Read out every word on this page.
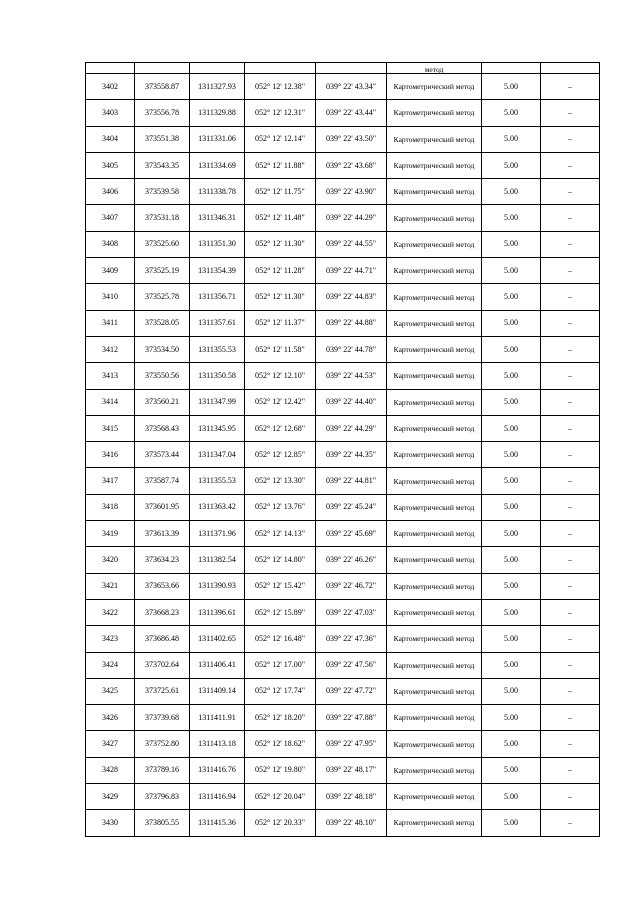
					метод		
3402	373558.87	1311327.93	052° 12' 12.38"	039° 22' 43.34"	Картометрический метод	5.00	–
3403	373556.78	1311329.88	052° 12' 12.31"	039° 22' 43.44"	Картометрический метод	5.00	–
3404	373551.38	1311331.06	052° 12' 12.14"	039° 22' 43.50"	Картометрический метод	5.00	–
3405	373543.35	1311334.69	052° 12' 11.88"	039° 22' 43.68"	Картометрический метод	5.00	–
3406	373539.58	1311338.78	052° 12' 11.75"	039° 22' 43.90"	Картометрический метод	5.00	–
3407	373531.18	1311346.31	052° 12' 11.48"	039° 22' 44.29"	Картометрический метод	5.00	–
3408	373525.60	1311351.30	052° 12' 11.30"	039° 22' 44.55"	Картометрический метод	5.00	–
3409	373525.19	1311354.39	052° 12' 11.28"	039° 22' 44.71"	Картометрический метод	5.00	–
3410	373525.78	1311356.71	052° 12' 11.30"	039° 22' 44.83"	Картометрический метод	5.00	–
3411	373528.05	1311357.61	052° 12' 11.37"	039° 22' 44.88"	Картометрический метод	5.00	–
3412	373534.50	1311355.53	052° 12' 11.58"	039° 22' 44.78"	Картометрический метод	5.00	–
3413	373550.56	1311350.58	052° 12' 12.10"	039° 22' 44.53"	Картометрический метод	5.00	–
3414	373560.21	1311347.99	052° 12' 12.42"	039° 22' 44.40"	Картометрический метод	5.00	–
3415	373568.43	1311345.95	052° 12' 12.68"	039° 22' 44.29"	Картометрический метод	5.00	–
3416	373573.44	1311347.04	052° 12' 12.85"	039° 22' 44.35"	Картометрический метод	5.00	–
3417	373587.74	1311355.53	052° 12' 13.30"	039° 22' 44.81"	Картометрический метод	5.00	–
3418	373601.95	1311363.42	052° 12' 13.76"	039° 22' 45.24"	Картометрический метод	5.00	–
3419	373613.39	1311371.96	052° 12' 14.13"	039° 22' 45.69"	Картометрический метод	5.00	–
3420	373634.23	1311382.54	052° 12' 14.80"	039° 22' 46.26"	Картометрический метод	5.00	–
3421	373653.66	1311390.93	052° 12' 15.42"	039° 22' 46.72"	Картометрический метод	5.00	–
3422	373668.23	1311396.61	052° 12' 15.89"	039° 22' 47.03"	Картометрический метод	5.00	–
3423	373686.48	1311402.65	052° 12' 16.48"	039° 22' 47.36"	Картометрический метод	5.00	–
3424	373702.64	1311406.41	052° 12' 17.00"	039° 22' 47.56"	Картометрический метод	5.00	–
3425	373725.61	1311409.14	052° 12' 17.74"	039° 22' 47.72"	Картометрический метод	5.00	–
3426	373739.68	1311411.91	052° 12' 18.20"	039° 22' 47.88"	Картометрический метод	5.00	–
3427	373752.80	1311413.18	052° 12' 18.62"	039° 22' 47.95"	Картометрический метод	5.00	–
3428	373789.16	1311416.76	052° 12' 19.80"	039° 22' 48.17"	Картометрический метод	5.00	–
3429	373796.83	1311416.94	052° 12' 20.04"	039° 22' 48.18"	Картометрический метод	5.00	–
3430	373805.55	1311415.36	052° 12' 20.33"	039° 22' 48.10"	Картометрический метод	5.00	–
